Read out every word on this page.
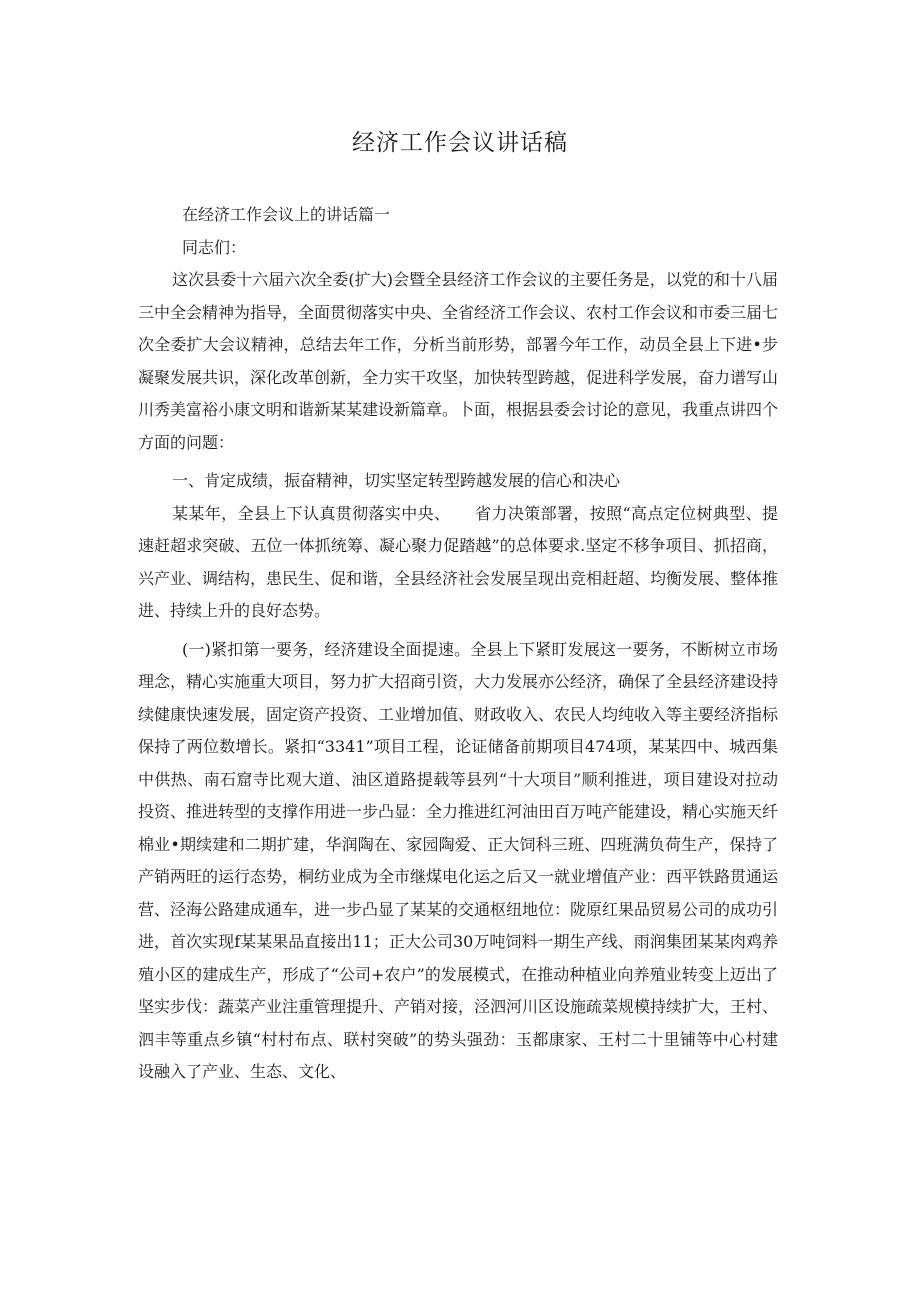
经济工作会议讲话稿

在经济工作会议上的讲话篇一

同志们：

这次县委十六届六次全委(扩大)会暨全县经济工作会议的主要任务是，以党的和十八届三中全会精神为指导，全面贯彻落实中央、全省经济工作会议、农村工作会议和市委三届七次全委扩大会议精神，总结去年工作，分析当前形势，部署今年工作，动员全县上下进•步凝聚发展共识，深化改革创新，全力实干攻坚，加快转型跨越，促进科学发展，奋力谱写山川秀美富裕小康文明和谐新某某建设新篇章。卜面，根据县委会讨论的意见，我重点讲四个方面的问题：

一、肯定成绩，振奋精神，切实坚定转型跨越发展的信心和决心

某某年，全县上下认真贯彻落实中央、　　省力决策部署，按照“高点定位树典型、提速赶超求突破、五位一体抓统筹、凝心聚力促踏越”的总体要求.坚定不移争项目、抓招商，兴产业、调结构，患民生、促和谐，全县经济社会发展呈现出竞相赶超、均衡发展、整体推进、持续上升的良好态势。

(一)紧扣第一要务，经济建设全面提速。全县上下紧盯发展这一要务，不断树立市场理念，精心实施重大项目，努力扩大招商引资，大力发展亦公经济，确保了全县经济建设持续健康快速发展，固定资产投资、工业增加值、财政收入、农民人均纯收入等主要经济指标保持了两位数增长。紧扣“3341”项目工程，论证储备前期项目474项，某某四中、城西集中供热、南石窟寺比观大道、油区道路提载等县列“十大项目”顺利推进，项目建设对拉动投资、推进转型的支撑作用进一步凸显：全力推进红河油田百万吨产能建设，精心实施天纤棉业•期续建和二期扩建，华润陶在、家园陶爱、正大饲科三班、四班满负荷生产，保持了产销两旺的运行态势，桐纺业成为全市继煤电化运之后又一就业增值产业：西平铁路贯通运营、泾海公路建成通车，进一步凸显了某某的交通枢纽地位：陇原红果品贸易公司的成功引进，首次实现f某某果品直接出11；正大公司30万吨饲料一期生产线、雨润集团某某肉鸡养殖小区的建成生产，形成了“公司+农户”的发展模式，在推动种植业向养殖业转变上迈出了坚实步伐：蔬菜产业注重管理提升、产销对接，泾泗河川区设施疏菜规模持续扩大，王村、泗丰等重点乡镇“村村布点、联村突破”的势头强劲：玉都康家、王村二十里铺等中心村建设融入了产业、生态、文化、
